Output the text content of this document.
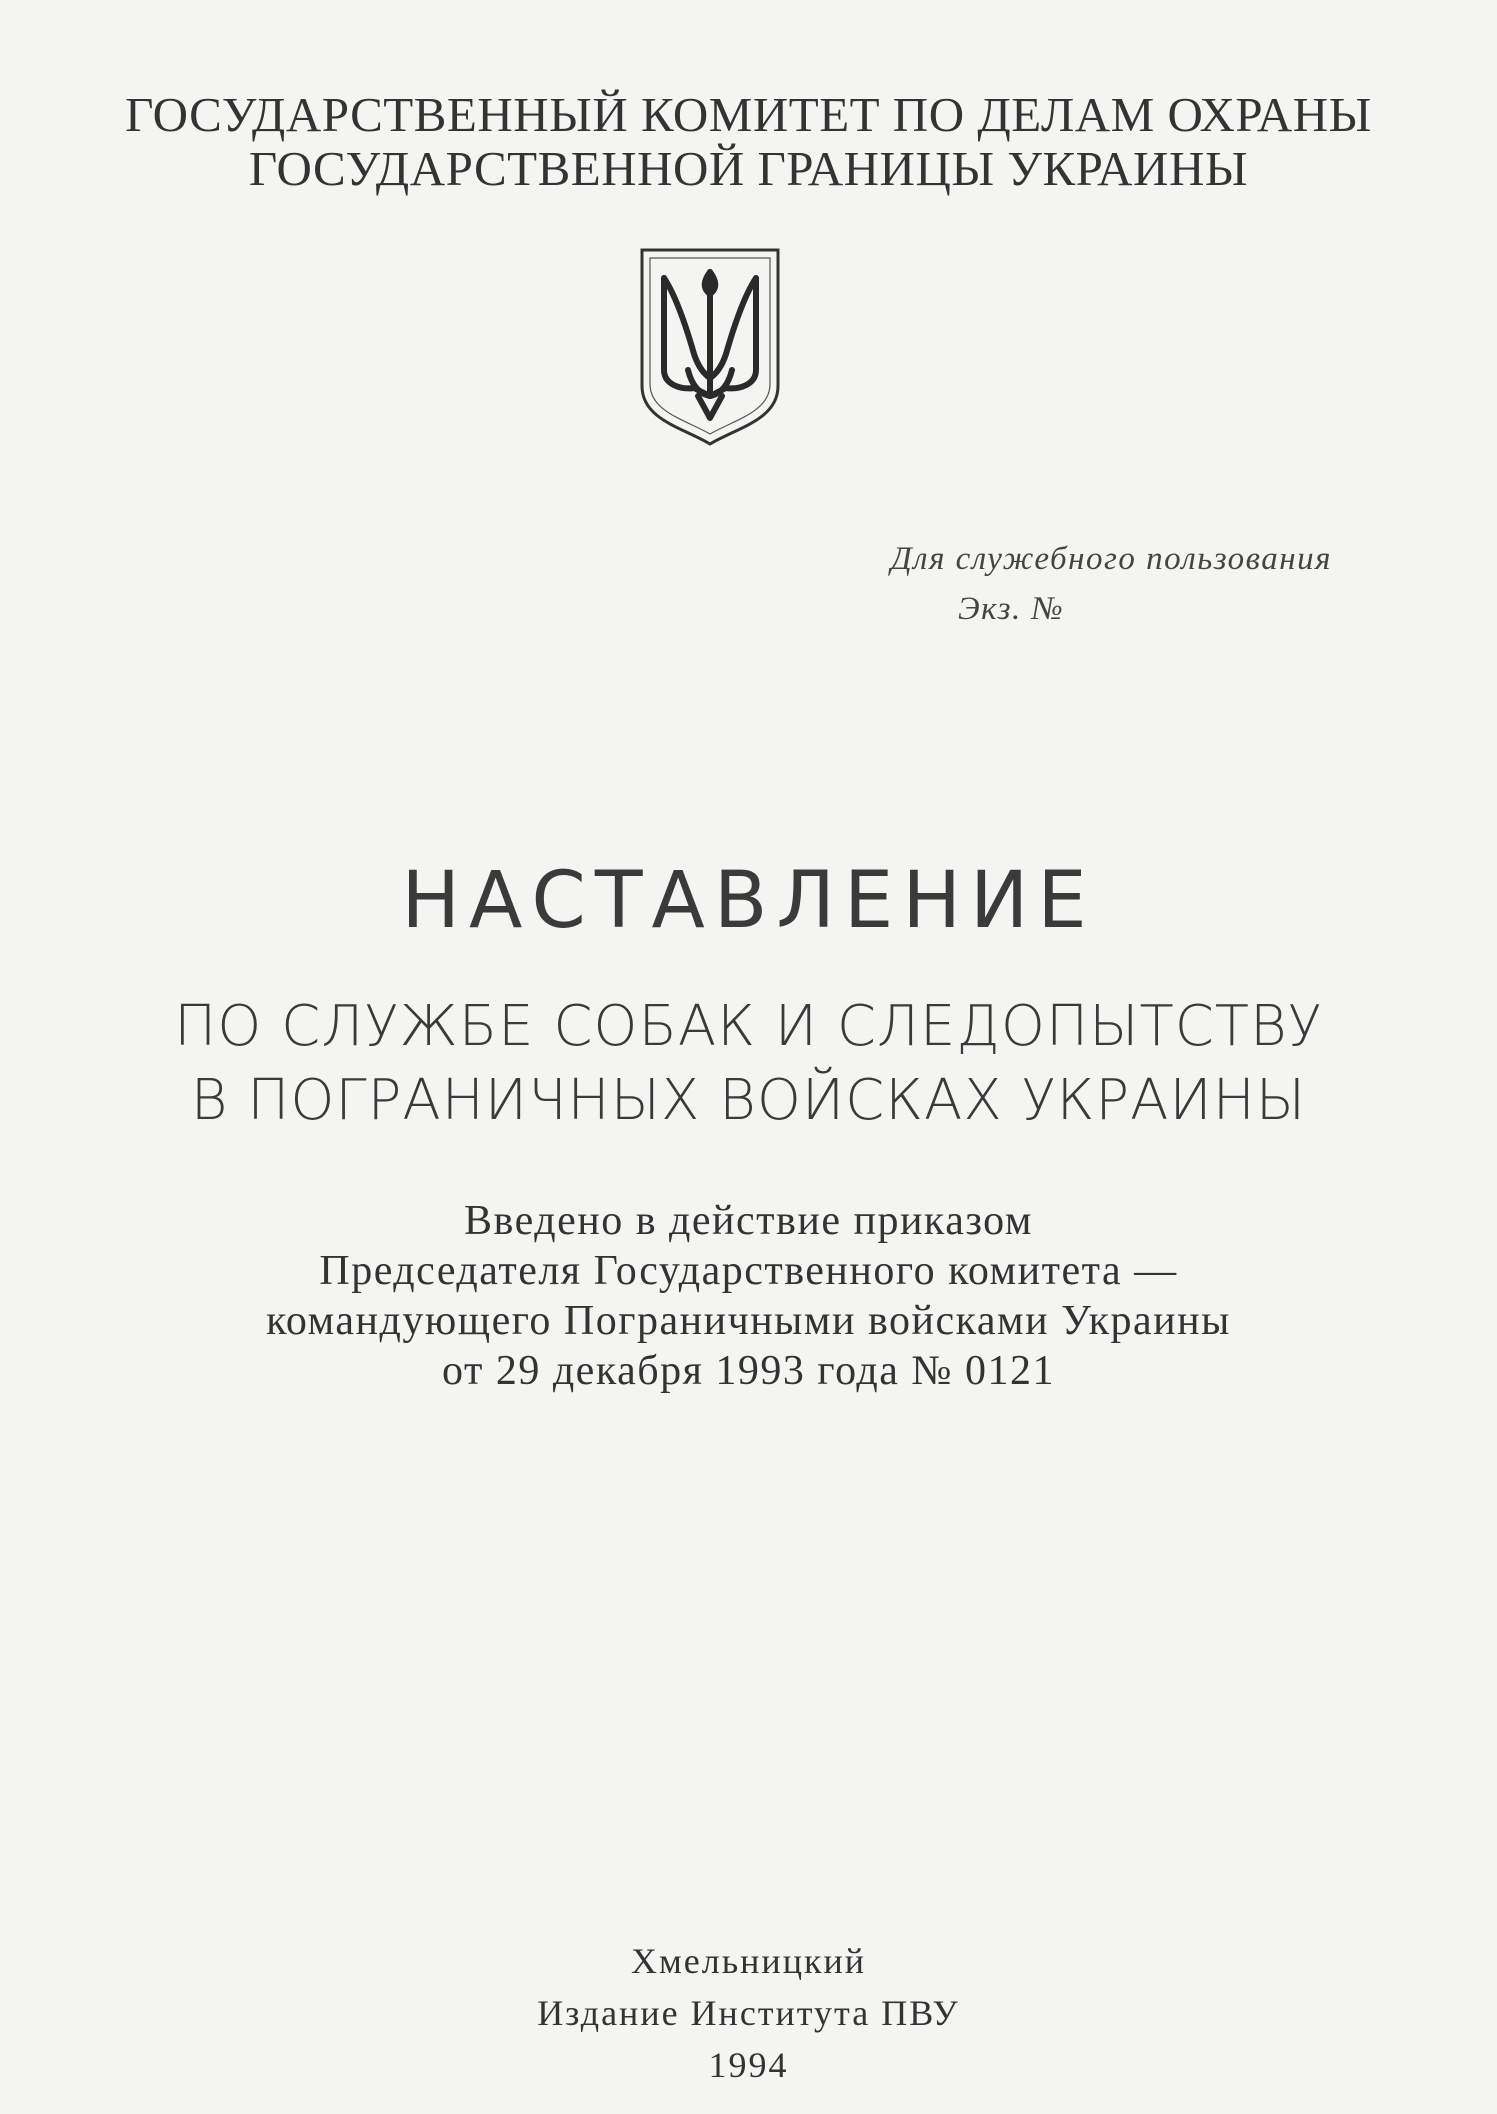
ГОСУДАРСТВЕННЫЙ КОМИТЕТ ПО ДЕЛАМ ОХРАНЫ
ГОСУДАРСТВЕННОЙ ГРАНИЦЫ УКРАИНЫ
Для служебного пользования
Экз. №
НАСТАВЛЕНИЕ
ПО СЛУЖБЕ СОБАК И СЛЕДОПЫТСТВУ
В ПОГРАНИЧНЫХ ВОЙСКАХ УКРАИНЫ
Введено в действие приказом
Председателя Государственного комитета —
командующего Пограничными войсками Украины
от 29 декабря 1993 года № 0121
Хмельницкий
Издание Института ПВУ
1994
